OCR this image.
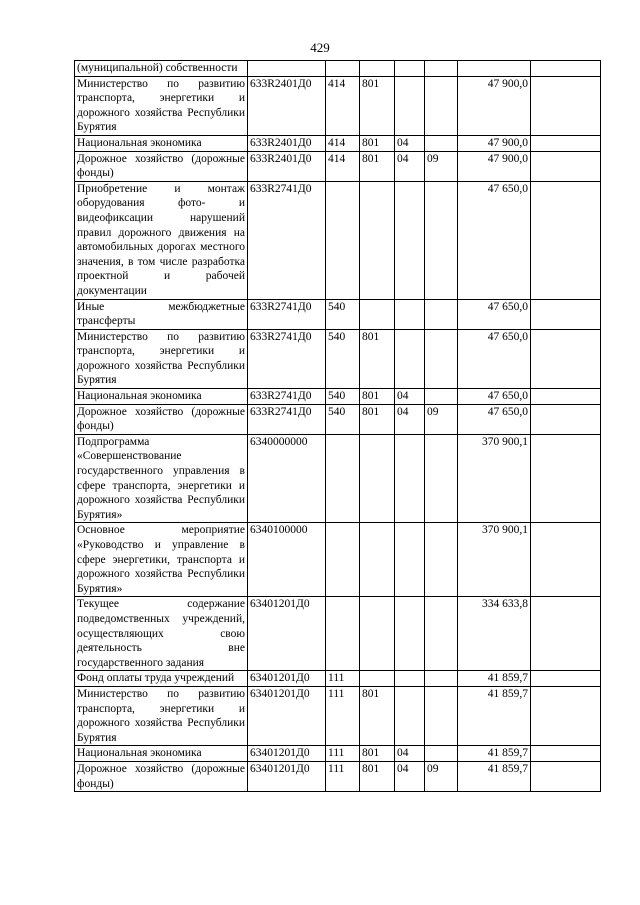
429
(муниципальной) собственности							
Министерство по развитию транспорта, энергетики и дорожного хозяйства Республики Бурятия	633R2401Д0	414	801			47 900,0	
Национальная экономика	633R2401Д0	414	801	04		47 900,0	
Дорожное хозяйство (дорожные фонды)	633R2401Д0	414	801	04	09	47 900,0	
Приобретение и монтаж оборудования фото- и видеофиксации нарушений правил дорожного движения на автомобильных дорогах местного значения, в том числе разработка проектной и рабочей документации	633R2741Д0					47 650,0	
Иные межбюджетные трансферты	633R2741Д0	540				47 650,0	
Министерство по развитию транспорта, энергетики и дорожного хозяйства Республики Бурятия	633R2741Д0	540	801			47 650,0	
Национальная экономика	633R2741Д0	540	801	04		47 650,0	
Дорожное хозяйство (дорожные фонды)	633R2741Д0	540	801	04	09	47 650,0	
Подпрограмма «Совершенствование государственного управления в сфере транспорта, энергетики и дорожного хозяйства Республики Бурятия»	6340000000					370 900,1	
Основное мероприятие «Руководство и управление в сфере энергетики, транспорта и дорожного хозяйства Республики Бурятия»	6340100000					370 900,1	
Текущее содержание подведомственных учреждений, осуществляющих свою деятельность вне государственного задания	63401201Д0					334 633,8	
Фонд оплаты труда учреждений	63401201Д0	111				41 859,7	
Министерство по развитию транспорта, энергетики и дорожного хозяйства Республики Бурятия	63401201Д0	111	801			41 859,7	
Национальная экономика	63401201Д0	111	801	04		41 859,7	
Дорожное хозяйство (дорожные фонды)	63401201Д0	111	801	04	09	41 859,7	
